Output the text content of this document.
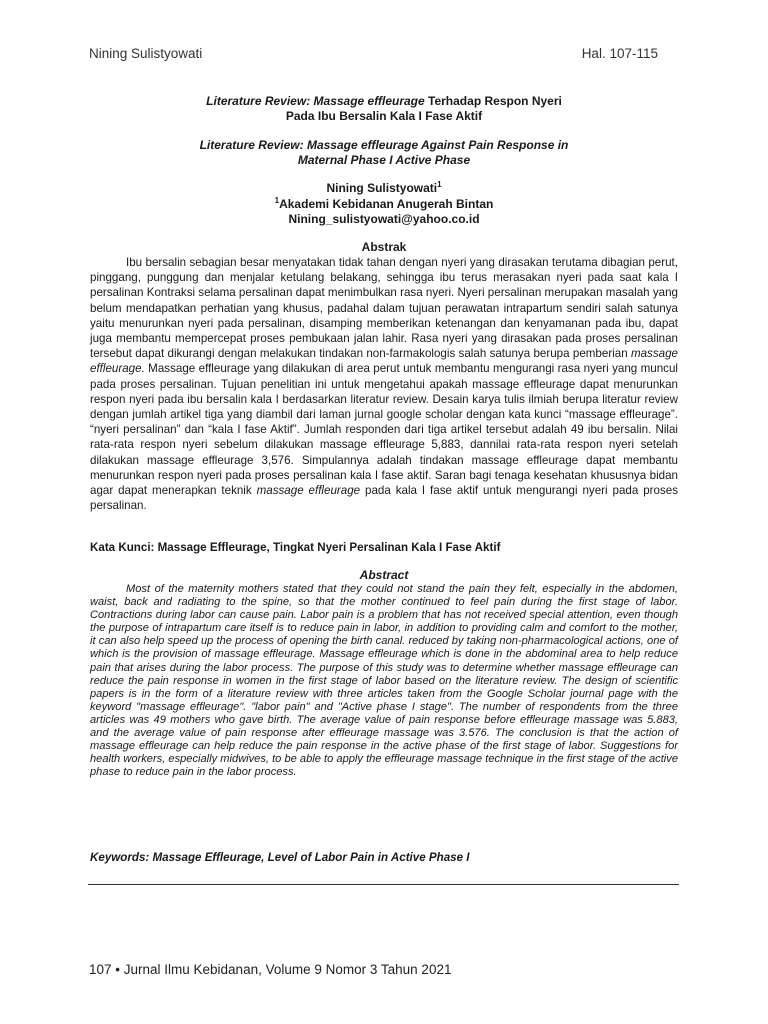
Nining Sulistyowati	Hal. 107-115
Literature Review: Massage effleurage Terhadap Respon Nyeri
Pada Ibu Bersalin Kala I Fase Aktif
Literature Review: Massage effleurage Against Pain Response in
Maternal Phase I Active Phase
Nining Sulistyowati$^1$
$^1$Akademi Kebidanan Anugerah Bintan
Nining_sulistyowati@yahoo.co.id
Abstrak

Ibu bersalin sebagian besar menyatakan tidak tahan dengan nyeri yang dirasakan terutama dibagian perut, pinggang, punggung dan menjalar ketulang belakang, sehingga ibu terus merasakan nyeri pada saat kala I persalinan Kontraksi selama persalinan dapat menimbulkan rasa nyeri. Nyeri persalinan merupakan masalah yang belum mendapatkan perhatian yang khusus, padahal dalam tujuan perawatan intrapartum sendiri salah satunya yaitu menurunkan nyeri pada persalinan, disamping memberikan ketenangan dan kenyamanan pada ibu, dapat juga membantu mempercepat proses pembukaan jalan lahir. Rasa nyeri yang dirasakan pada proses persalinan tersebut dapat dikurangi dengan melakukan tindakan non-farmakologis salah satunya berupa pemberian massage effleurage. Massage effleurage yang dilakukan di area perut untuk membantu mengurangi rasa nyeri yang muncul pada proses persalinan. Tujuan penelitian ini untuk mengetahui apakah massage effleurage dapat menurunkan respon nyeri pada ibu bersalin kala I berdasarkan literatur review. Desain karya tulis ilmiah berupa literatur review dengan jumlah artikel tiga yang diambil dari laman jurnal google scholar dengan kata kunci “massage effleurage”. “nyeri persalinan” dan “kala I fase Aktif”. Jumlah responden dari tiga artikel tersebut adalah 49 ibu bersalin. Nilai rata-rata respon nyeri sebelum dilakukan massage effleurage 5,883, dannilai rata-rata respon nyeri setelah dilakukan massage effleurage 3,576. Simpulannya adalah tindakan massage effleurage dapat membantu menurunkan respon nyeri pada proses persalinan kala I fase aktif. Saran bagi tenaga kesehatan khususnya bidan agar dapat menerapkan teknik massage effleurage pada kala I fase aktif untuk mengurangi nyeri pada proses persalinan.

Kata Kunci: Massage Effleurage, Tingkat Nyeri Persalinan Kala I Fase Aktif
Abstract

Most of the maternity mothers stated that they could not stand the pain they felt, especially in the abdomen, waist, back and radiating to the spine, so that the mother continued to feel pain during the first stage of labor. Contractions during labor can cause pain. Labor pain is a problem that has not received special attention, even though the purpose of intrapartum care itself is to reduce pain in labor, in addition to providing calm and comfort to the mother, it can also help speed up the process of opening the birth canal. reduced by taking non-pharmacological actions, one of which is the provision of massage effleurage. Massage effleurage which is done in the abdominal area to help reduce pain that arises during the labor process. The purpose of this study was to determine whether massage effleurage can reduce the pain response in women in the first stage of labor based on the literature review. The design of scientific papers is in the form of a literature review with three articles taken from the Google Scholar journal page with the keyword "massage effleurage". "labor pain" and "Active phase I stage". The number of respondents from the three articles was 49 mothers who gave birth. The average value of pain response before effleurage massage was 5.883, and the average value of pain response after effleurage massage was 3.576. The conclusion is that the action of massage effleurage can help reduce the pain response in the active phase of the first stage of labor. Suggestions for health workers, especially midwives, to be able to apply the effleurage massage technique in the first stage of the active phase to reduce pain in the labor process.

Keywords: Massage Effleurage, Level of Labor Pain in Active Phase I
107 • Jurnal Ilmu Kebidanan, Volume 9 Nomor 3 Tahun 2021
